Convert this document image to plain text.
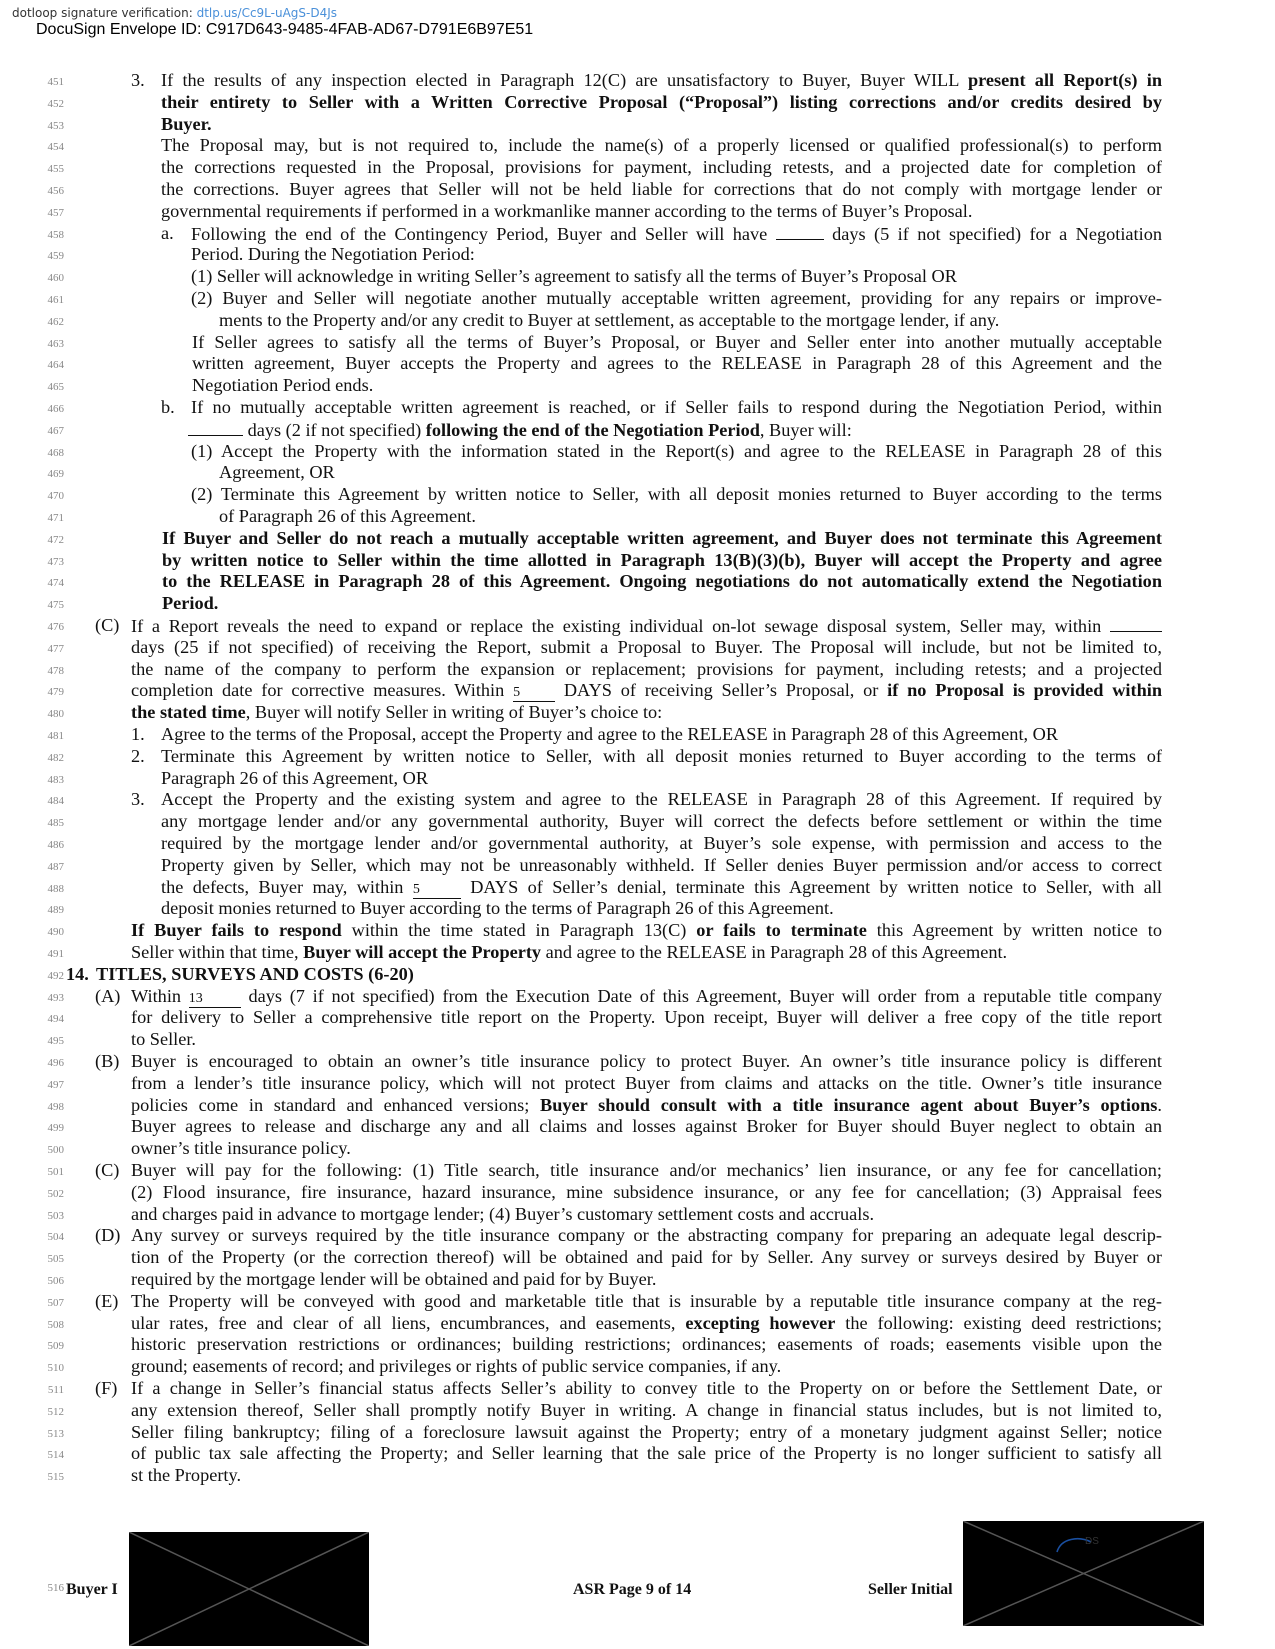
dotloop signature verification: dtlp.us/Cc9L-uAgS-D4Js
DocuSign Envelope ID: C917D643-9485-4FAB-AD67-D791E6B97E51
451	3. If the results of any inspection elected in Paragraph 12(C) are unsatisfactory to Buyer, Buyer WILL present all Report(s) in
452	their entirety to Seller with a Written Corrective Proposal (“Proposal”) listing corrections and/or credits desired by
453	Buyer.
454	The Proposal may, but is not required to, include the name(s) of a properly licensed or qualified professional(s) to perform
455	the corrections requested in the Proposal, provisions for payment, including retests, and a projected date for completion of
456	the corrections. Buyer agrees that Seller will not be held liable for corrections that do not comply with mortgage lender or
457	governmental requirements if performed in a workmanlike manner according to the terms of Buyer’s Proposal.
458	a. Following the end of the Contingency Period, Buyer and Seller will have	days (5 if not specified) for a Negotiation
459	Period. During the Negotiation Period:
460	(1) Seller will acknowledge in writing Seller’s agreement to satisfy all the terms of Buyer’s Proposal OR
461	(2) Buyer and Seller will negotiate another mutually acceptable written agreement, providing for any repairs or improve-
462	ments to the Property and/or any credit to Buyer at settlement, as acceptable to the mortgage lender, if any.
463	If Seller agrees to satisfy all the terms of Buyer’s Proposal, or Buyer and Seller enter into another mutually acceptable
464	written agreement, Buyer accepts the Property and agrees to the RELEASE in Paragraph 28 of this Agreement and the
465	Negotiation Period ends.
466	b. If no mutually acceptable written agreement is reached, or if Seller fails to respond during the Negotiation Period, within
467	days (2 if not specified) following the end of the Negotiation Period, Buyer will:
468	(1) Accept the Property with the information stated in the Report(s) and agree to the RELEASE in Paragraph 28 of this
469	Agreement, OR
470	(2) Terminate this Agreement by written notice to Seller, with all deposit monies returned to Buyer according to the terms
471	of Paragraph 26 of this Agreement.
472	If Buyer and Seller do not reach a mutually acceptable written agreement, and Buyer does not terminate this Agreement
473	by written notice to Seller within the time allotted in Paragraph 13(B)(3)(b), Buyer will accept the Property and agree
474	to the RELEASE in Paragraph 28 of this Agreement. Ongoing negotiations do not automatically extend the Negotiation
475	Period.
476 (C) If a Report reveals the need to expand or replace the existing individual on-lot sewage disposal system, Seller may, within
477	days (25 if not specified) of receiving the Report, submit a Proposal to Buyer. The Proposal will include, but not be limited to,
478	the name of the company to perform the expansion or replacement; provisions for payment, including retests; and a projected
479	completion date for corrective measures. Within 5 DAYS of receiving Seller’s Proposal, or if no Proposal is provided within
480	the stated time, Buyer will notify Seller in writing of Buyer’s choice to:
481	1. Agree to the terms of the Proposal, accept the Property and agree to the RELEASE in Paragraph 28 of this Agreement, OR
482	2. Terminate this Agreement by written notice to Seller, with all deposit monies returned to Buyer according to the terms of
483	Paragraph 26 of this Agreement, OR
484	3. Accept the Property and the existing system and agree to the RELEASE in Paragraph 28 of this Agreement. If required by
485	any mortgage lender and/or any governmental authority, Buyer will correct the defects before settlement or within the time
486	required by the mortgage lender and/or governmental authority, at Buyer’s sole expense, with permission and access to the
487	Property given by Seller, which may not be unreasonably withheld. If Seller denies Buyer permission and/or access to correct
488	the defects, Buyer may, within 5 DAYS of Seller’s denial, terminate this Agreement by written notice to Seller, with all
489	deposit monies returned to Buyer according to the terms of Paragraph 26 of this Agreement.
490	If Buyer fails to respond within the time stated in Paragraph 13(C) or fails to terminate this Agreement by written notice to
491	Seller within that time, Buyer will accept the Property and agree to the RELEASE in Paragraph 28 of this Agreement.
492 14. TITLES, SURVEYS AND COSTS (6-20)
493 (A) Within 13 days (7 if not specified) from the Execution Date of this Agreement, Buyer will order from a reputable title company
494	for delivery to Seller a comprehensive title report on the Property. Upon receipt, Buyer will deliver a free copy of the title report
495	to Seller.
496 (B) Buyer is encouraged to obtain an owner’s title insurance policy to protect Buyer. An owner’s title insurance policy is different
497	from a lender’s title insurance policy, which will not protect Buyer from claims and attacks on the title. Owner’s title insurance
498	policies come in standard and enhanced versions; Buyer should consult with a title insurance agent about Buyer’s options.
499	Buyer agrees to release and discharge any and all claims and losses against Broker for Buyer should Buyer neglect to obtain an
500	owner’s title insurance policy.
501 (C) Buyer will pay for the following: (1) Title search, title insurance and/or mechanics’ lien insurance, or any fee for cancellation;
502	(2) Flood insurance, fire insurance, hazard insurance, mine subsidence insurance, or any fee for cancellation; (3) Appraisal fees
503	and charges paid in advance to mortgage lender; (4) Buyer’s customary settlement costs and accruals.
504 (D) Any survey or surveys required by the title insurance company or the abstracting company for preparing an adequate legal descrip-
505	tion of the Property (or the correction thereof) will be obtained and paid for by Seller. Any survey or surveys desired by Buyer or
506	required by the mortgage lender will be obtained and paid for by Buyer.
507 (E) The Property will be conveyed with good and marketable title that is insurable by a reputable title insurance company at the reg-
508	ular rates, free and clear of all liens, encumbrances, and easements, excepting however the following: existing deed restrictions;
509	historic preservation restrictions or ordinances; building restrictions; ordinances; easements of roads; easements visible upon the
510	ground; easements of record; and privileges or rights of public service companies, if any.
511 (F) If a change in Seller’s financial status affects Seller’s ability to convey title to the Property on or before the Settlement Date, or
512	any extension thereof, Seller shall promptly notify Buyer in writing. A change in financial status includes, but is not limited to,
513	Seller filing bankruptcy; filing of a foreclosure lawsuit against the Property; entry of a monetary judgment against Seller; notice
514	of public tax sale affecting the Property; and Seller learning that the sale price of the Property is no longer sufficient to satisfy all
515	st the Property.
DS
516 Buyer I	ASR Page 9 of 14	Seller Initial
